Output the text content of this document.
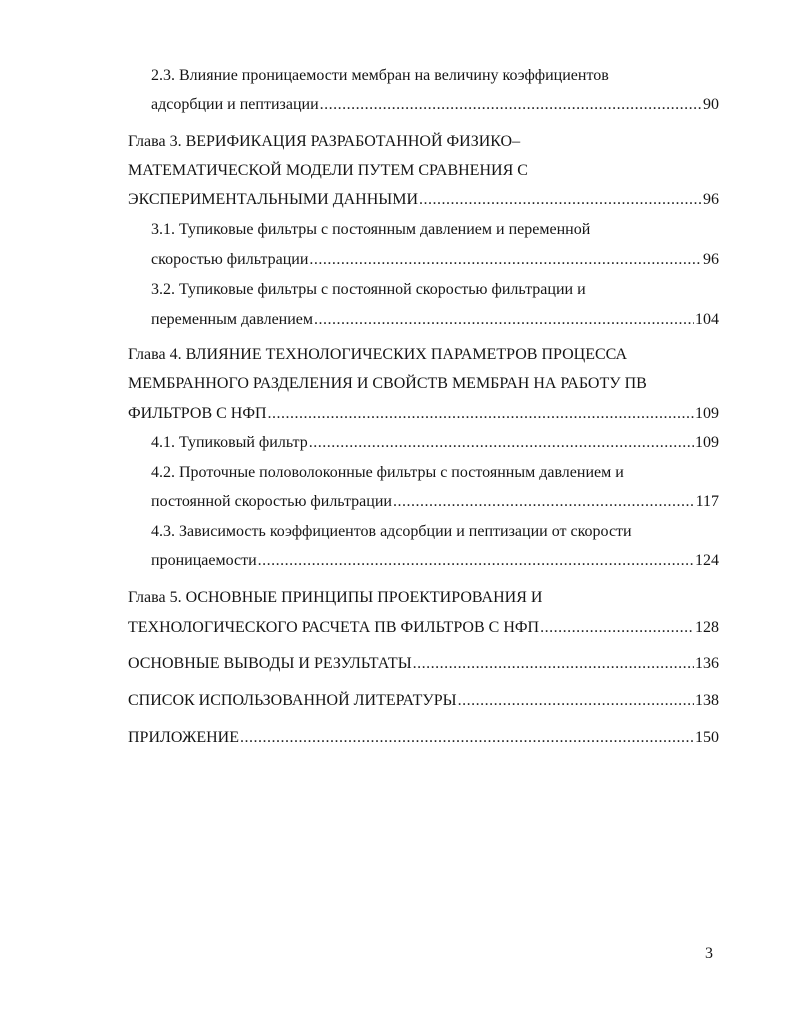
2.3. Влияние проницаемости мембран на величину коэффициентов
адсорбции и пептизации .....	90
Глава 3. ВЕРИФИКАЦИЯ РАЗРАБОТАННОЙ ФИЗИКО–
МАТЕМАТИЧЕСКОЙ МОДЕЛИ ПУТЕМ СРАВНЕНИЯ С
ЭКСПЕРИМЕНТАЛЬНЫМИ ДАННЫМИ .....	96
3.1. Тупиковые фильтры с постоянным давлением и переменной
скоростью фильтрации .....	96
3.2. Тупиковые фильтры с постоянной скоростью фильтрации и
переменным давлением .....	104
Глава 4. ВЛИЯНИЕ ТЕХНОЛОГИЧЕСКИХ ПАРАМЕТРОВ ПРОЦЕССА
МЕМБРАННОГО РАЗДЕЛЕНИЯ И СВОЙСТВ МЕМБРАН НА РАБОТУ ПВ
ФИЛЬТРОВ С НФП .....	109
4.1. Тупиковый фильтр .....	109
4.2. Проточные половолоконные фильтры с постоянным давлением и
постоянной скоростью фильтрации .....	117
4.3. Зависимость коэффициентов адсорбции и пептизации от скорости
проницаемости .....	124
Глава 5. ОСНОВНЫЕ ПРИНЦИПЫ ПРОЕКТИРОВАНИЯ И
ТЕХНОЛОГИЧЕСКОГО РАСЧЕТА ПВ ФИЛЬТРОВ С НФП .....	128
ОСНОВНЫЕ ВЫВОДЫ И РЕЗУЛЬТАТЫ .....	136
СПИСОК ИСПОЛЬЗОВАННОЙ ЛИТЕРАТУРЫ .....	138
ПРИЛОЖЕНИЕ .....	150
3
